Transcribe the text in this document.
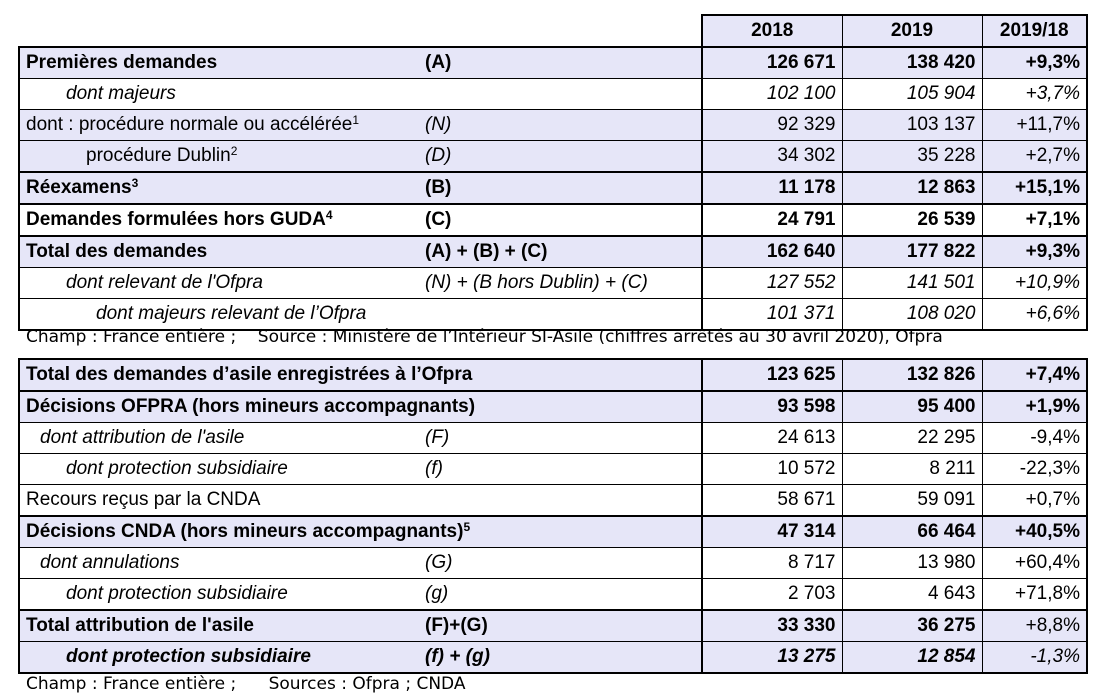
		2018	2019	2019/18
Premières demandes	(A)	126 671	138 420	+9,3%
dont majeurs		102 100	105 904	+3,7%
dont : procédure normale ou accélérée$^1$	(N)	92 329	103 137	+11,7%
procédure Dublin$^2$	(D)	34 302	35 228	+2,7%
Réexamens$^3$	(B)	11 178	12 863	+15,1%
Demandes formulées hors GUDA$^4$	(C)	24 791	26 539	+7,1%
Total des demandes	(A) + (B) + (C)	162 640	177 822	+9,3%
dont relevant de l'Ofpra	(N) + (B hors Dublin) + (C)	127 552	141 501	+10,9%
dont majeurs relevant de l’Ofpra		101 371	108 020	+6,6%
Champ : France entière ;    Source : Ministère de l’Intérieur SI-Asile (chiffres arrêtés au 30 avril 2020), Ofpra
Total des demandes d’asile enregistrées à l’Ofpra		123 625	132 826	+7,4%
Décisions OFPRA (hors mineurs accompagnants)		93 598	95 400	+1,9%
dont attribution de l'asile	(F)	24 613	22 295	-9,4%
dont protection subsidiaire	(f)	10 572	8 211	-22,3%
Recours reçus par la CNDA		58 671	59 091	+0,7%
Décisions CNDA (hors mineurs accompagnants)$^5$		47 314	66 464	+40,5%
dont annulations	(G)	8 717	13 980	+60,4%
dont protection subsidiaire	(g)	2 703	4 643	+71,8%
Total attribution de l'asile	(F)+(G)	33 330	36 275	+8,8%
dont protection subsidiaire	(f) + (g)	13 275	12 854	-1,3%
Champ : France entière ;      Sources : Ofpra ; CNDA
